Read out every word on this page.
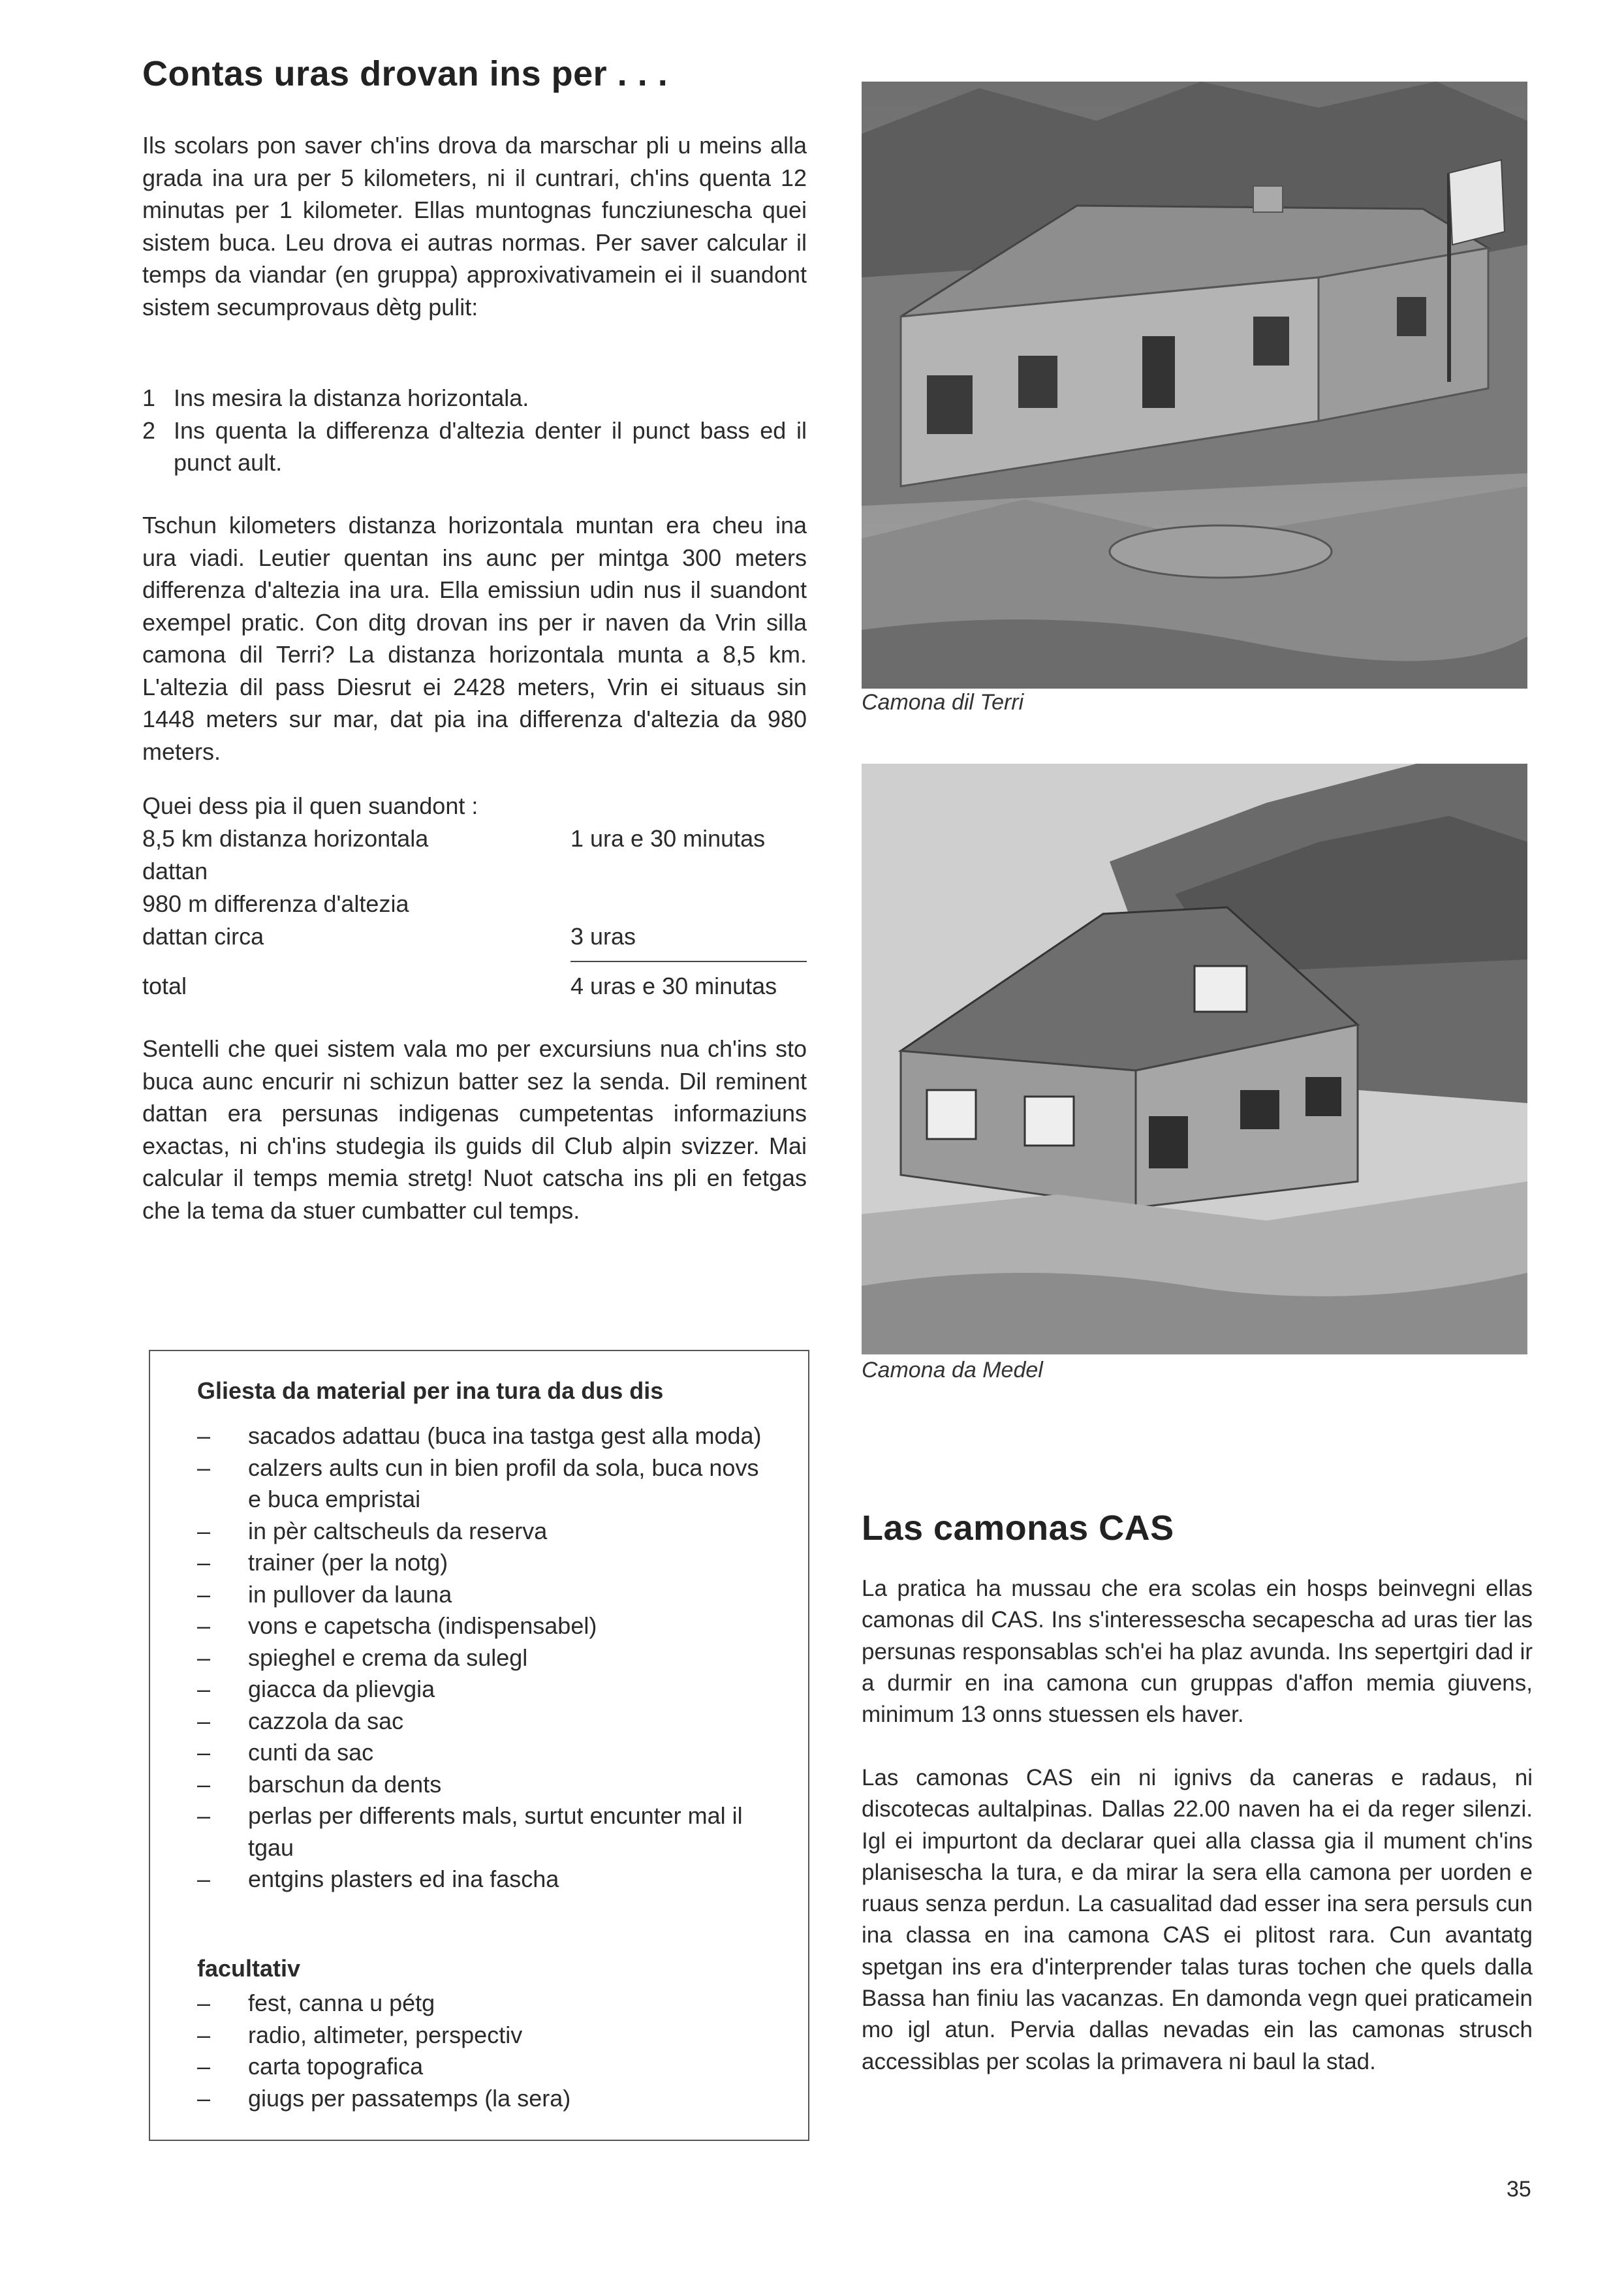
Contas uras drovan ins per . . .

Ils scolars pon saver ch'ins drova da marschar pli u meins alla grada ina ura per 5 kilometers, ni il cuntrari, ch'ins quenta 12 minutas per 1 kilometer. Ellas muntognas funcziunescha quei sistem buca. Leu drova ei autras normas. Per saver calcular il temps da viandar (en gruppa) approxivativamein ei il suandont sistem secumprovaus dètg pulit:

1 Ins mesira la distanza horizontala.
2 Ins quenta la differenza d'altezia denter il punct bass ed il punct ault.

Tschun kilometers distanza horizontala muntan era cheu ina ura viadi. Leutier quentan ins aunc per mintga 300 meters differenza d'altezia ina ura. Ella emissiun udin nus il suandont exempel pratic. Con ditg drovan ins per ir naven da Vrin silla camona dil Terri? La distanza horizontala munta a 8,5 km. L'altezia dil pass Diesrut ei 2428 meters, Vrin ei situaus sin 1448 meters sur mar, dat pia ina differenza d'altezia da 980 meters.

Quei dess pia il quen suandont :
8,5 km distanza horizontala	1 ura e 30 minutas
dattan
980 m differenza d'altezia
dattan circa	3 uras
total	4 uras e 30 minutas

Sentelli che quei sistem vala mo per excursiuns nua ch'ins sto buca aunc encurir ni schizun batter sez la senda. Dil reminent dattan era persunas indigenas cumpetentas informaziuns exactas, ni ch'ins studegia ils guids dil Club alpin svizzer. Mai calcular il temps memia stretg! Nuot catscha ins pli en fetgas che la tema da stuer cumbatter cul temps.

Gliesta da material per ina tura da dus dis
– sacados adattau (buca ina tastga gest alla moda)
– calzers aults cun in bien profil da sola, buca novs e buca empristai
– in pèr caltscheuls da reserva
– trainer (per la notg)
– in pullover da launa
– vons e capetscha (indispensabel)
– spieghel e crema da sulegl
– giacca da plievgia
– cazzola da sac
– cunti da sac
– barschun da dents
– perlas per differents mals, surtut encunter mal il tgau
– entgins plasters ed ina fascha
facultativ
– fest, canna u pétg
– radio, altimeter, perspectiv
– carta topografica
– giugs per passatemps (la sera)
Camona dil Terri
Camona da Medel
Las camonas CAS

La pratica ha mussau che era scolas ein hosps beinvegni ellas camonas dil CAS. Ins s'interessescha secapescha ad uras tier las persunas responsablas sch'ei ha plaz avunda. Ins sepertgiri dad ir a durmir en ina camona cun gruppas d'affon memia giuvens, minimum 13 onns stuessen els haver.

Las camonas CAS ein ni ignivs da caneras e radaus, ni discotecas aultalpinas. Dallas 22.00 naven ha ei da reger silenzi. Igl ei impurtont da declarar quei alla classa gia il mument ch'ins planisescha la tura, e da mirar la sera ella camona per uorden e ruaus senza perdun. La casualitad dad esser ina sera persuls cun ina classa en ina camona CAS ei plitost rara. Cun avantatg spetgan ins era d'interprender talas turas tochen che quels dalla Bassa han finiu las vacanzas. En damonda vegn quei praticamein mo igl atun. Pervia dallas nevadas ein las camonas strusch accessiblas per scolas la primavera ni baul la stad.

35
